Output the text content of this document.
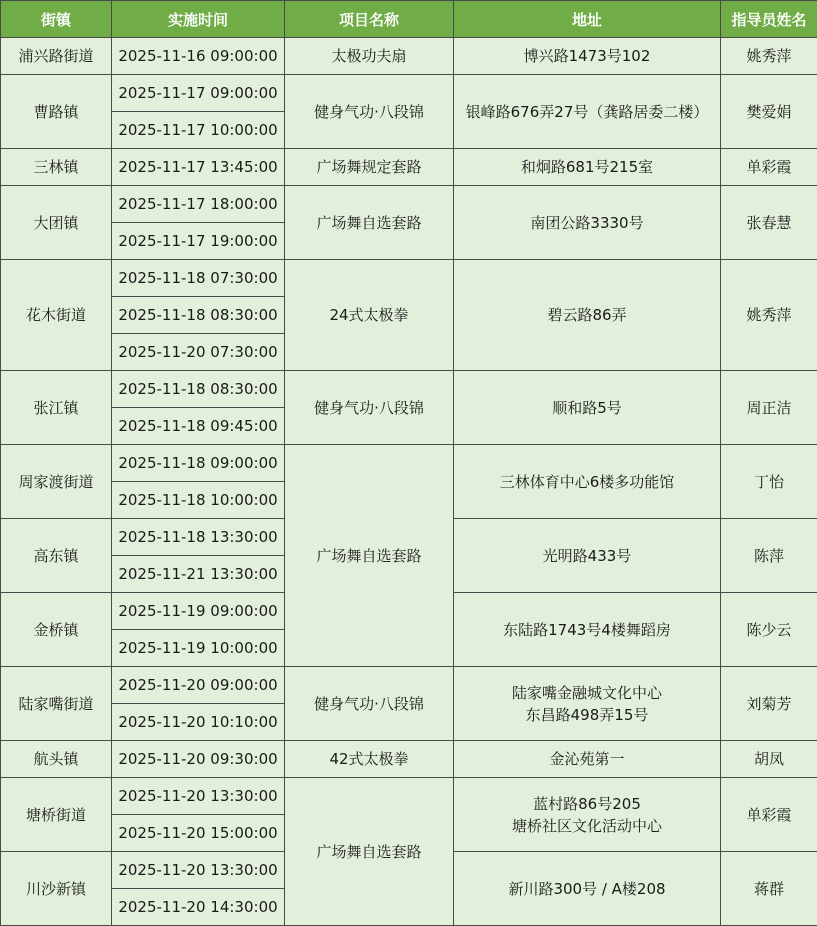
街镇	实施时间	项目名称	地址	指导员姓名
浦兴路街道	2025-11-16 09:00:00	太极功夫扇	博兴路1473号102	姚秀萍
曹路镇	2025-11-17 09:00:00	健身气功·八段锦	银峰路676弄27号（龚路居委二楼）	樊爱娟
	2025-11-17 10:00:00			
三林镇	2025-11-17 13:45:00	广场舞规定套路	和炯路681号215室	单彩霞
大团镇	2025-11-17 18:00:00	广场舞自选套路	南团公路3330号	张春慧
	2025-11-17 19:00:00			
花木街道	2025-11-18 07:30:00	24式太极拳	碧云路86弄	姚秀萍
	2025-11-18 08:30:00			
	2025-11-20 07:30:00			
张江镇	2025-11-18 08:30:00	健身气功·八段锦	顺和路5号	周正洁
	2025-11-18 09:45:00			
周家渡街道	2025-11-18 09:00:00	广场舞自选套路	三林体育中心6楼多功能馆	丁怡
	2025-11-18 10:00:00			
高东镇	2025-11-18 13:30:00		光明路433号	陈萍
	2025-11-21 13:30:00			
金桥镇	2025-11-19 09:00:00		东陆路1743号4楼舞蹈房	陈少云
	2025-11-19 10:00:00			
陆家嘴街道	2025-11-20 09:00:00	健身气功·八段锦	陆家嘴金融城文化中心
东昌路498弄15号	刘菊芳
	2025-11-20 10:10:00			
航头镇	2025-11-20 09:30:00	42式太极拳	金沁苑第一	胡凤
塘桥街道	2025-11-20 13:30:00	广场舞自选套路	蓝村路86号205
塘桥社区文化活动中心	单彩霞
	2025-11-20 15:00:00			
川沙新镇	2025-11-20 13:30:00		新川路300号 / A楼208	蒋群
	2025-11-20 14:30:00			
